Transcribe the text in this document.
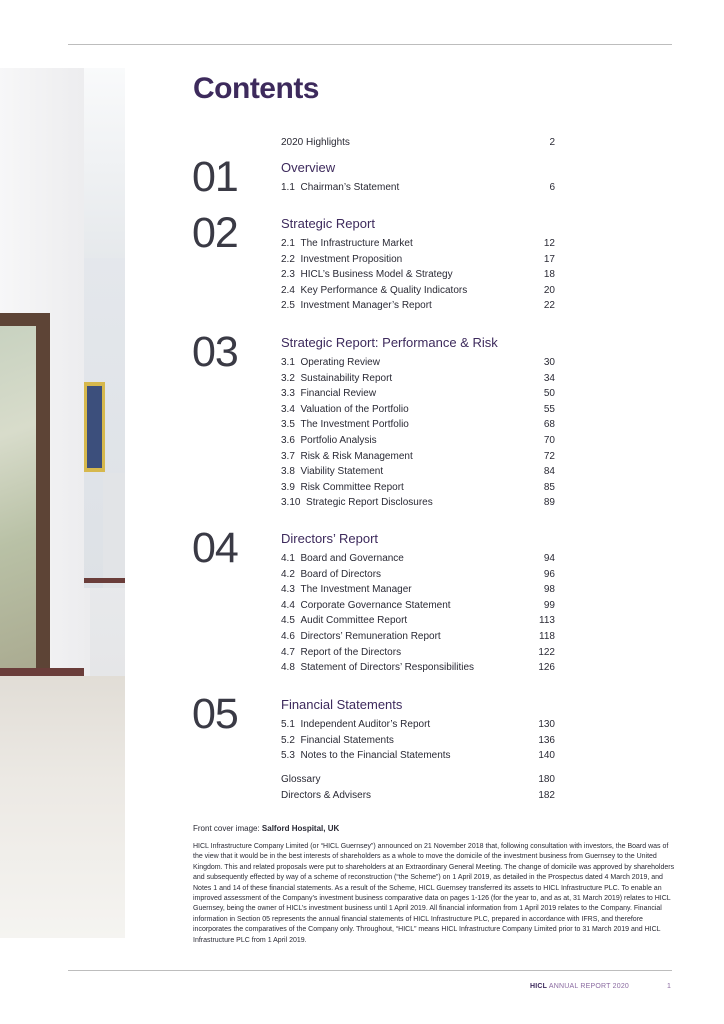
Contents
2020 Highlights	2
01	Overview
1.1 Chairman’s Statement	6
02	Strategic Report
2.1 The Infrastructure Market	12
2.2 Investment Proposition	17
2.3 HICL’s Business Model & Strategy	18
2.4 Key Performance & Quality Indicators	20
2.5 Investment Manager’s Report	22
03	Strategic Report: Performance & Risk
3.1 Operating Review	30
3.2 Sustainability Report	34
3.3 Financial Review	50
3.4 Valuation of the Portfolio	55
3.5 The Investment Portfolio	68
3.6 Portfolio Analysis	70
3.7 Risk & Risk Management	72
3.8 Viability Statement	84
3.9 Risk Committee Report	85
3.10 Strategic Report Disclosures	89
04	Directors’ Report
4.1 Board and Governance	94
4.2 Board of Directors	96
4.3 The Investment Manager	98
4.4 Corporate Governance Statement	99
4.5 Audit Committee Report	113
4.6 Directors’ Remuneration Report	118
4.7 Report of the Directors	122
4.8 Statement of Directors’ Responsibilities	126
05	Financial Statements
5.1 Independent Auditor’s Report	130
5.2 Financial Statements	136
5.3 Notes to the Financial Statements	140
Glossary	180
Directors & Advisers	182
Front cover image: Salford Hospital, UK
HICL Infrastructure Company Limited (or “HICL Guernsey”) announced on 21 November 2018 that, following consultation with investors, the Board was of the view that it would be in the best interests of shareholders as a whole to move the domicile of the investment business from Guernsey to the United Kingdom. This and related proposals were put to shareholders at an Extraordinary General Meeting. The change of domicile was approved by shareholders and subsequently effected by way of a scheme of reconstruction (“the Scheme”) on 1 April 2019, as detailed in the Prospectus dated 4 March 2019, and Notes 1 and 14 of these financial statements. As a result of the Scheme, HICL Guernsey transferred its assets to HICL Infrastructure PLC. To enable an improved assessment of the Company’s investment business comparative data on pages 1-126 (for the year to, and as at, 31 March 2019) relates to HICL Guernsey, being the owner of HICL’s investment business until 1 April 2019. All financial information from 1 April 2019 relates to the Company. Financial information in Section 05 represents the annual financial statements of HICL Infrastructure PLC, prepared in accordance with IFRS, and therefore incorporates the comparatives of the Company only. Throughout, “HICL” means HICL Infrastructure Company Limited prior to 31 March 2019 and HICL Infrastructure PLC from 1 April 2019.
HICL ANNUAL REPORT 2020	1
